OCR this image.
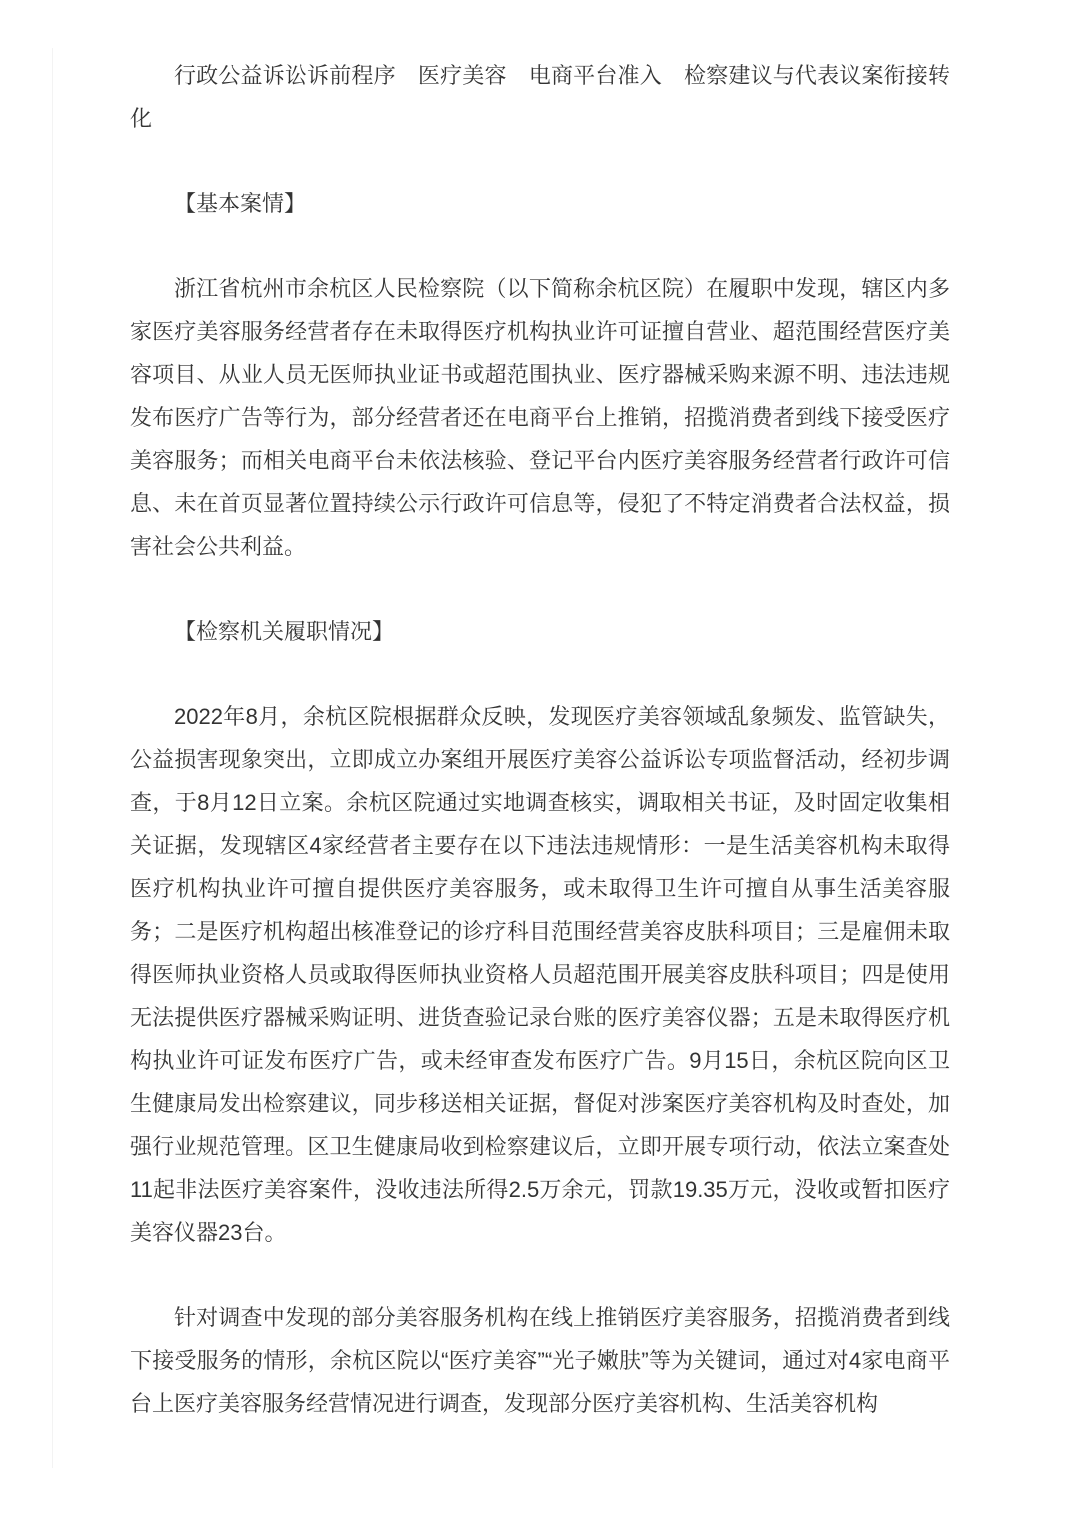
行政公益诉讼诉前程序　医疗美容　电商平台准入　检察建议与代表议案衔接转化

【基本案情】

浙江省杭州市余杭区人民检察院（以下简称余杭区院）在履职中发现，辖区内多家医疗美容服务经营者存在未取得医疗机构执业许可证擅自营业、超范围经营医疗美容项目、从业人员无医师执业证书或超范围执业、医疗器械采购来源不明、违法违规发布医疗广告等行为，部分经营者还在电商平台上推销，招揽消费者到线下接受医疗美容服务；而相关电商平台未依法核验、登记平台内医疗美容服务经营者行政许可信息、未在首页显著位置持续公示行政许可信息等，侵犯了不特定消费者合法权益，损害社会公共利益。

【检察机关履职情况】

2022年8月，余杭区院根据群众反映，发现医疗美容领域乱象频发、监管缺失，公益损害现象突出，立即成立办案组开展医疗美容公益诉讼专项监督活动，经初步调查，于8月12日立案。余杭区院通过实地调查核实，调取相关书证，及时固定收集相关证据，发现辖区4家经营者主要存在以下违法违规情形：一是生活美容机构未取得医疗机构执业许可擅自提供医疗美容服务，或未取得卫生许可擅自从事生活美容服务；二是医疗机构超出核准登记的诊疗科目范围经营美容皮肤科项目；三是雇佣未取得医师执业资格人员或取得医师执业资格人员超范围开展美容皮肤科项目；四是使用无法提供医疗器械采购证明、进货查验记录台账的医疗美容仪器；五是未取得医疗机构执业许可证发布医疗广告，或未经审查发布医疗广告。9月15日，余杭区院向区卫生健康局发出检察建议，同步移送相关证据，督促对涉案医疗美容机构及时查处，加强行业规范管理。区卫生健康局收到检察建议后，立即开展专项行动，依法立案查处11起非法医疗美容案件，没收违法所得2.5万余元，罚款19.35万元，没收或暂扣医疗美容仪器23台。

针对调查中发现的部分美容服务机构在线上推销医疗美容服务，招揽消费者到线下接受服务的情形，余杭区院以“医疗美容”“光子嫩肤”等为关键词，通过对4家电商平台上医疗美容服务经营情况进行调查，发现部分医疗美容机构、生活美容机构
